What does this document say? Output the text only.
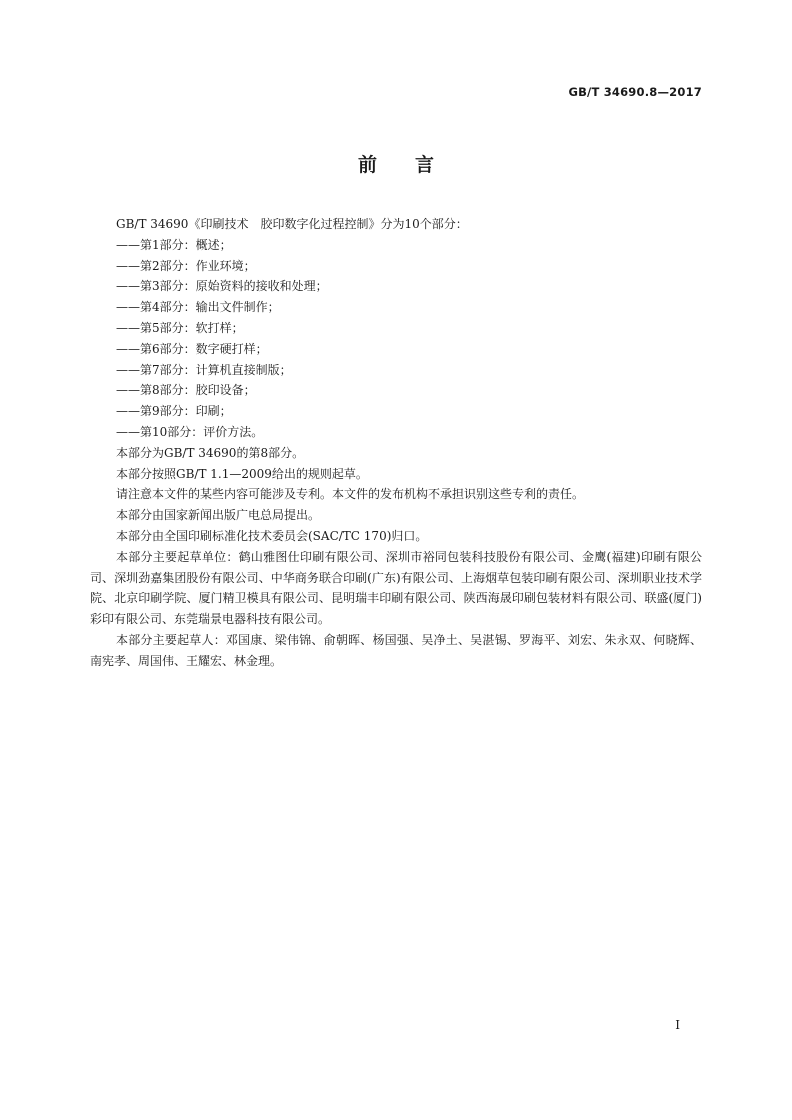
GB/T 34690.8—2017
前言

GB/T 34690《印刷技术　胶印数字化过程控制》分为10个部分：

——第1部分：概述；

——第2部分：作业环境；

——第3部分：原始资料的接收和处理；

——第4部分：输出文件制作；

——第5部分：软打样；

——第6部分：数字硬打样；

——第7部分：计算机直接制版；

——第8部分：胶印设备；

——第9部分：印刷；

——第10部分：评价方法。

本部分为GB/T 34690的第8部分。

本部分按照GB/T 1.1—2009给出的规则起草。

请注意本文件的某些内容可能涉及专利。本文件的发布机构不承担识别这些专利的责任。

本部分由国家新闻出版广电总局提出。

本部分由全国印刷标准化技术委员会(SAC/TC 170)归口。

本部分主要起草单位：鹤山雅图仕印刷有限公司、深圳市裕同包装科技股份有限公司、金鹰(福建)印刷有限公司、深圳劲嘉集团股份有限公司、中华商务联合印刷(广东)有限公司、上海烟草包装印刷有限公司、深圳职业技术学院、北京印刷学院、厦门精卫模具有限公司、昆明瑞丰印刷有限公司、陕西海晟印刷包装材料有限公司、联盛(厦门)彩印有限公司、东莞瑞景电器科技有限公司。

本部分主要起草人：邓国康、梁伟锦、俞朝晖、杨国强、吴净土、吴湛锡、罗海平、刘宏、朱永双、何晓辉、南宪孝、周国伟、王耀宏、林金理。

I
